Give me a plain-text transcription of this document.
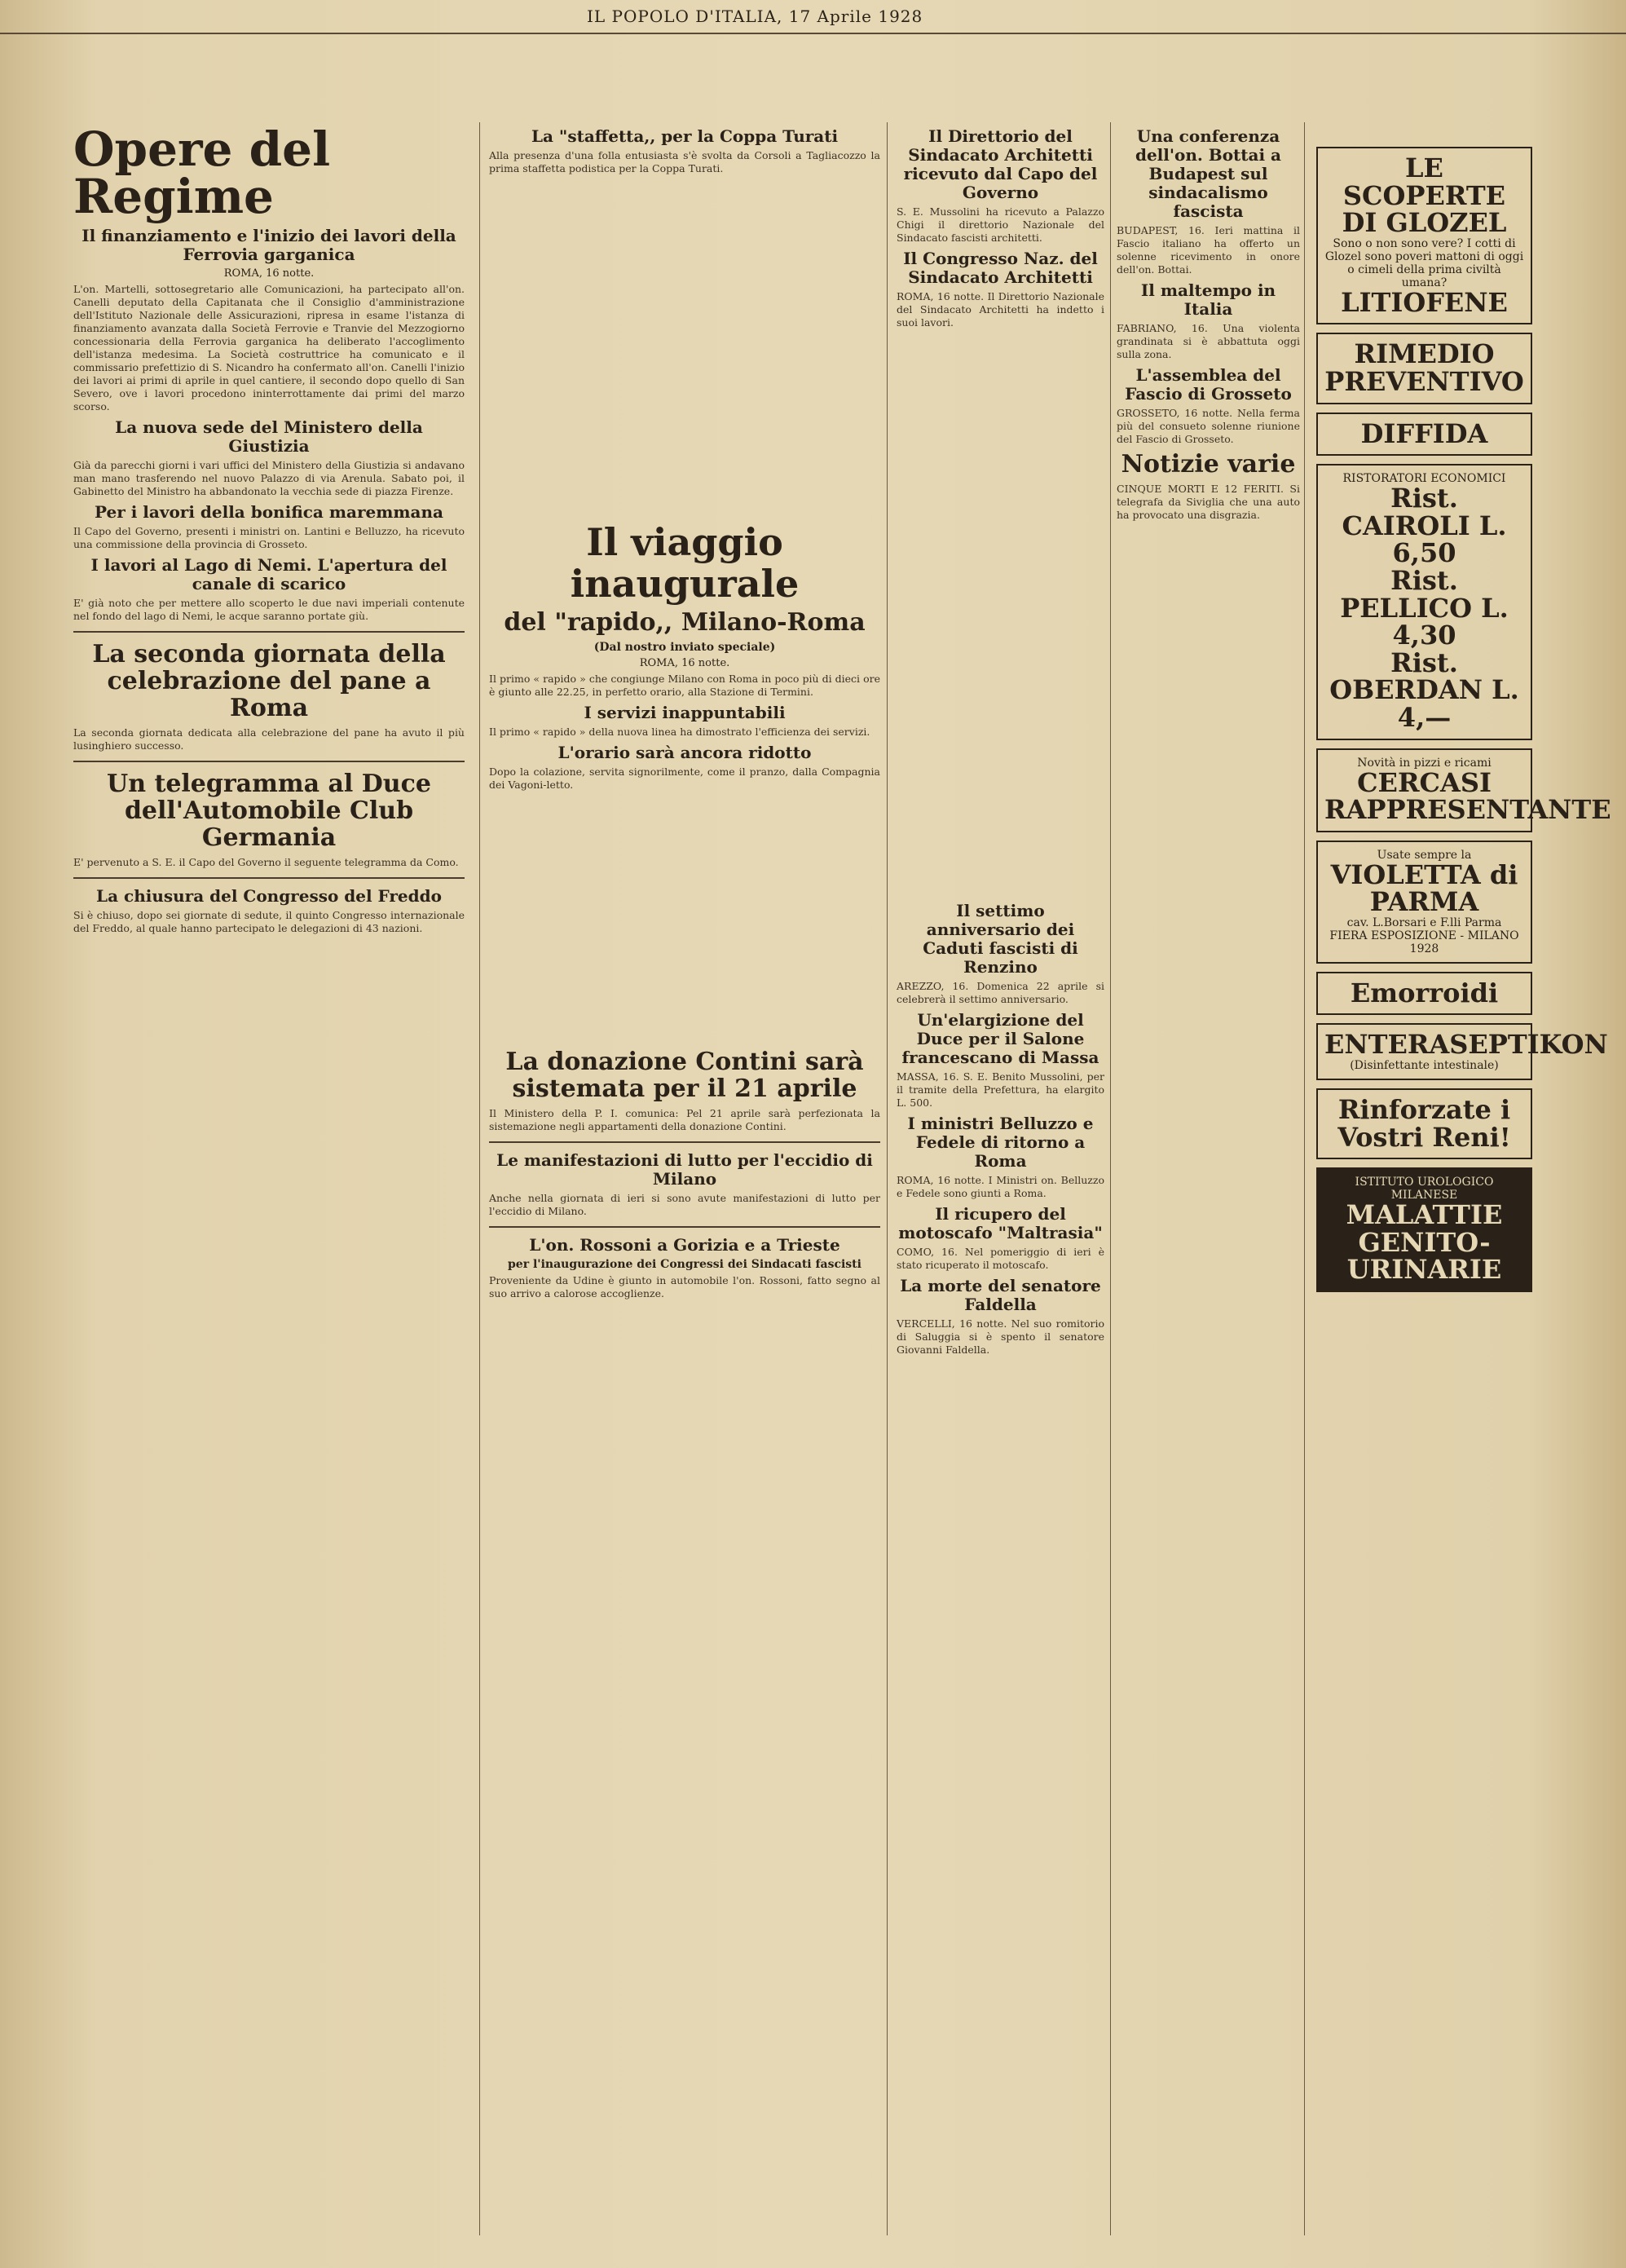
IL POPOLO D'ITALIA, 17 Aprile 1928
Opere del Regime
Il finanziamento e l'inizio dei lavori della Ferrovia garganica
ROMA, 16 notte.
L'on. Martelli, sottosegretario alle Comunicazioni, ha partecipato all'on. Canelli deputato della Capitanata che il Consiglio d'amministrazione dell'Istituto Nazionale delle Assicurazioni, ripresa in esame l'istanza di finanziamento avanzata dalla Società Ferrovie e Tranvie del Mezzogiorno concessionaria della Ferrovia garganica ha deliberato l'accoglimento dell'istanza medesima. La Società costruttrice ha comunicato e il commissario prefettizio di S. Nicandro ha confermato all'on. Canelli l'inizio dei lavori ai primi di aprile in quel cantiere, il secondo dopo quello di San Severo, ove i lavori procedono ininterrottamente dai primi del marzo scorso.
La nuova sede del Ministero della Giustizia
Già da parecchi giorni i vari uffici del Ministero della Giustizia si andavano man mano trasferendo nel nuovo Palazzo di via Arenula. Sabato poi, il Gabinetto del Ministro ha abbandonato la vecchia sede di piazza Firenze.
Per i lavori della bonifica maremmana
Il Capo del Governo, presenti i ministri on. Lantini e Belluzzo, ha ricevuto una commissione della provincia di Grosseto.
I lavori al Lago di Nemi. L'apertura del canale di scarico
E' già noto che per mettere allo scoperto le due navi imperiali contenute nel fondo del lago di Nemi, le acque saranno portate giù.
La seconda giornata della celebrazione del pane a Roma
La seconda giornata dedicata alla celebrazione del pane ha avuto il più lusinghiero successo.
Un telegramma al Duce dell'Automobile Club Germania
E' pervenuto a S. E. il Capo del Governo il seguente telegramma da Como.
La chiusura del Congresso del Freddo
Si è chiuso, dopo sei giornate di sedute, il quinto Congresso internazionale del Freddo, al quale hanno partecipato le delegazioni di 43 nazioni.
La "staffetta,, per la Coppa Turati
Alla presenza d'una folla entusiasta s'è svolta da Corsoli a Tagliacozzo la prima staffetta podistica per la Coppa Turati.
Il viaggio inaugurale
del "rapido,, Milano-Roma
(Dal nostro inviato speciale)
ROMA, 16 notte.
Il primo « rapido » che congiunge Milano con Roma in poco più di dieci ore è giunto alle 22.25, in perfetto orario, alla Stazione di Termini.
I servizi inappuntabili
Il primo « rapido » della nuova linea ha dimostrato l'efficienza dei servizi.
L'orario sarà ancora ridotto
Dopo la colazione, servita signorilmente, come il pranzo, dalla Compagnia dei Vagoni-letto.
La donazione Contini sarà sistemata per il 21 aprile
Il Ministero della P. I. comunica: Pel 21 aprile sarà perfezionata la sistemazione negli appartamenti della donazione Contini.
Le manifestazioni di lutto per l'eccidio di Milano
Anche nella giornata di ieri si sono avute manifestazioni di lutto per l'eccidio di Milano.
L'on. Rossoni a Gorizia e a Trieste
per l'inaugurazione dei Congressi dei Sindacati fascisti
Proveniente da Udine è giunto in automobile l'on. Rossoni, fatto segno al suo arrivo a calorose accoglienze.
Il Direttorio del Sindacato Architetti ricevuto dal Capo del Governo
S. E. Mussolini ha ricevuto a Palazzo Chigi il direttorio Nazionale del Sindacato fascisti architetti.
Il Congresso Naz. del Sindacato Architetti
ROMA, 16 notte. Il Direttorio Nazionale del Sindacato Architetti ha indetto i suoi lavori.
Il settimo anniversario dei Caduti fascisti di Renzino
AREZZO, 16. Domenica 22 aprile si celebrerà il settimo anniversario.
Un'elargizione del Duce per il Salone francescano di Massa
MASSA, 16. S. E. Benito Mussolini, per il tramite della Prefettura, ha elargito L. 500.
I ministri Belluzzo e Fedele di ritorno a Roma
ROMA, 16 notte. I Ministri on. Belluzzo e Fedele sono giunti a Roma.
Il ricupero del motoscafo "Maltrasia"
COMO, 16. Nel pomeriggio di ieri è stato ricuperato il motoscafo.
La morte del senatore Faldella
VERCELLI, 16 notte. Nel suo romitorio di Saluggia si è spento il senatore Giovanni Faldella.
Una conferenza dell'on. Bottai a Budapest sul sindacalismo fascista
BUDAPEST, 16. Ieri mattina il Fascio italiano ha offerto un solenne ricevimento in onore dell'on. Bottai.
Il maltempo in Italia
FABRIANO, 16. Una violenta grandinata si è abbattuta oggi sulla zona.
L'assemblea del Fascio di Grosseto
GROSSETO, 16 notte. Nella ferma più del consueto solenne riunione del Fascio di Grosseto.
Notizie varie
CINQUE MORTI E 12 FERITI. Si telegrafa da Siviglia che una auto ha provocato una disgrazia.
LE SCOPERTE DI GLOZEL
Sono o non sono vere? I cotti di Glozel sono poveri mattoni di oggi o cimeli della prima civiltà umana?
LITIOFENE
RIMEDIO PREVENTIVO
DIFFIDA
RISTORATORI ECONOMICI
Rist. CAIROLI L. 6,50
Rist. PELLICO L. 4,30
Rist. OBERDAN L. 4,—
Novità in pizzi e ricami
CERCASI RAPPRESENTANTE
Usate sempre la
VIOLETTA di PARMA
cav. L.Borsari e F.lli Parma
FIERA ESPOSIZIONE - MILANO 1928
Emorroidi
ENTERASEPTIKON
(Disinfettante intestinale)
Rinforzate i Vostri Reni!
ISTITUTO UROLOGICO MILANESE
MALATTIE GENITO-URINARIE
